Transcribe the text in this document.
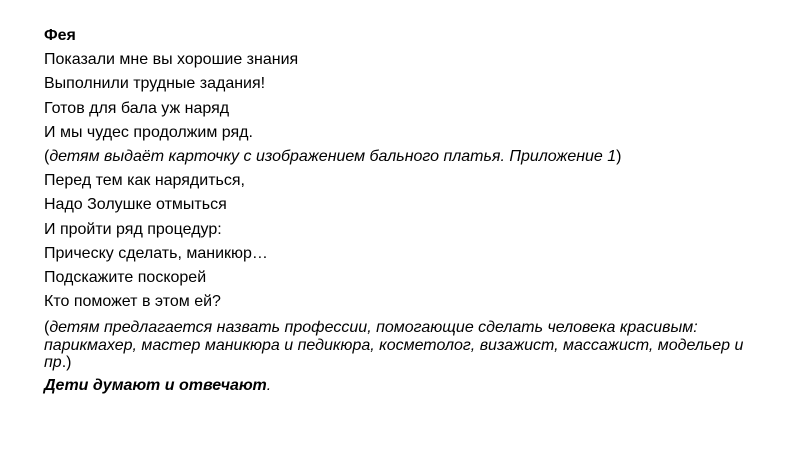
Фея
Показали мне вы хорошие знания
Выполнили трудные задания!
Готов для бала уж наряд
И мы чудес продолжим ряд.
(детям выдаёт карточку с изображением бального платья. Приложение 1)
Перед тем как нарядиться,
Надо Золушке отмыться
И пройти ряд процедур:
Прическу сделать, маникюр…
Подскажите поскорей
Кто поможет в этом ей?
(детям предлагается назвать профессии, помогающие сделать человека красивым: парикмахер, мастер маникюра и педикюра, косметолог, визажист, массажист, модельер и пр.)
Дети думают и отвечают.
